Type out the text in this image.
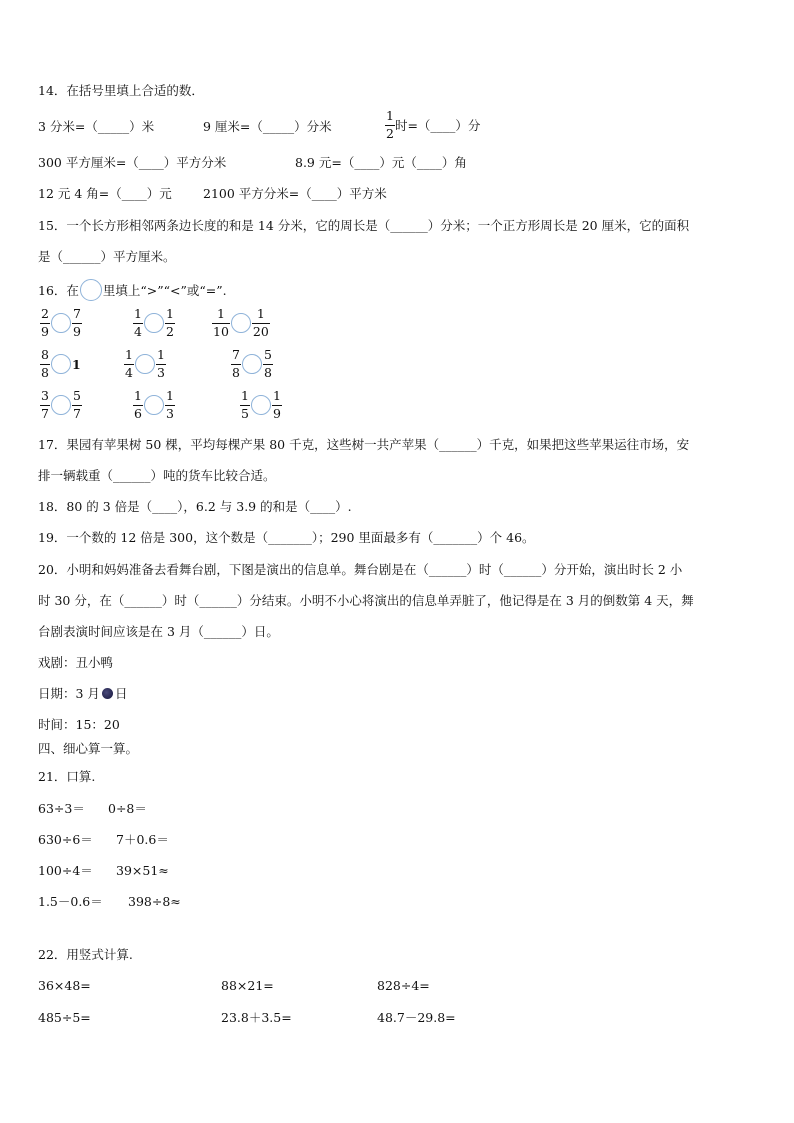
14．在括号里填上合适的数．
3 分米=（_____）米	9 厘米=（_____）分米	$\frac{1}{2}$ 时=（____）分
300 平方厘米=（____）平方分米	8.9 元=（____）元（____）角
12 元 4 角=（____）元 2100 平方分米=（____）平方米
15．一个长方形相邻两条边长度的和是 14 分米，它的周长是（______）分米；一个正方形周长是 20 厘米，它的面积
是（______）平方厘米。
16．在 里填上“>”“<”或“=”.
$\frac{2}{9} \frac{7}{9}$	$\frac{1}{4} \frac{1}{2}$	$\frac{1}{10} \frac{1}{20}$
$\frac{8}{8} 1$	$\frac{1}{4} \frac{1}{3}$	$\frac{7}{8} \frac{5}{8}$
$\frac{3}{7} \frac{5}{7}$	$\frac{1}{6} \frac{1}{3}$	$\frac{1}{5} \frac{1}{9}$
17．果园有苹果树 50 棵，平均每棵产果 80 千克，这些树一共产苹果（______）千克，如果把这些苹果运往市场，安
排一辆载重（______）吨的货车比较合适。
18．80 的 3 倍是（____），6.2 与 3.9 的和是（____）.
19．一个数的 12 倍是 300，这个数是（_______）；290 里面最多有（_______）个 46。
20．小明和妈妈准备去看舞台剧，下图是演出的信息单。舞台剧是在（______）时（______）分开始，演出时长 2 小
时 30 分，在（______）时（______）分结束。小明不小心将演出的信息单弄脏了，他记得是在 3 月的倒数第 4 天，舞
台剧表演时间应该是在 3 月（______）日。
戏剧：丑小鸭
日期：3 月 日
时间：15：20
四、细心算一算。
21．口算.
63÷3＝ 0÷8＝
630÷6＝ 7＋0.6＝
100÷4＝ 39×51≈
1.5－0.6＝ 398÷8≈
22．用竖式计算.
36×48=	88×21=	828÷4=
485÷5=	23.8＋3.5=	48.7－29.8=
